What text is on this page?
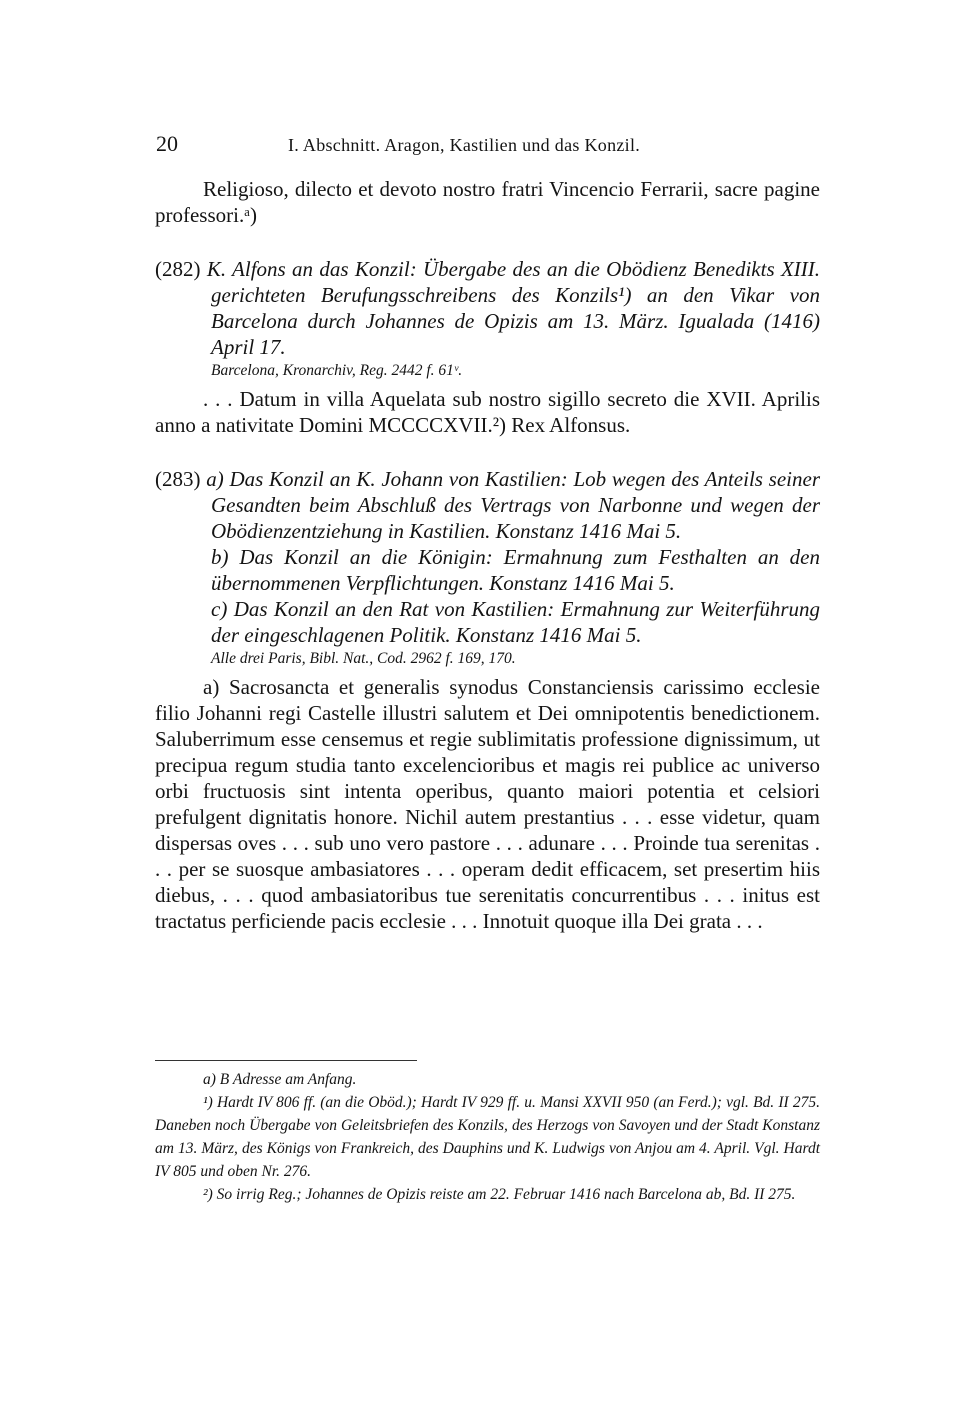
20	I. Abschnitt. Aragon, Kastilien und das Konzil.

Religioso, dilecto et devoto nostro fratri Vincencio Ferrarii, sacre pagine professori.ᵃ)

(282) K. Alfons an das Konzil: Übergabe des an die Obödienz Benedikts XIII. gerichteten Berufungsschreibens des Konzils¹) an den Vikar von Barcelona durch Johannes de Opizis am 13. März. Igualada (1416) April 17.

Barcelona, Kronarchiv, Reg. 2442 f. 61ᵛ.

. . . Datum in villa Aquelata sub nostro sigillo secreto die XVII. Aprilis anno a nativitate Domini MCCCCXVII.²) Rex Alfonsus.

(283) a) Das Konzil an K. Johann von Kastilien: Lob wegen des Anteils seiner Gesandten beim Abschluß des Vertrags von Narbonne und wegen der Obödienzentziehung in Kastilien. Konstanz 1416 Mai 5.

b) Das Konzil an die Königin: Ermahnung zum Festhalten an den übernommenen Verpflichtungen. Konstanz 1416 Mai 5.

c) Das Konzil an den Rat von Kastilien: Ermahnung zur Weiterführung der eingeschlagenen Politik. Konstanz 1416 Mai 5.

Alle drei Paris, Bibl. Nat., Cod. 2962 f. 169, 170.

a) Sacrosancta et generalis synodus Constanciensis carissimo ecclesie filio Johanni regi Castelle illustri salutem et Dei omnipotentis benedictionem. Saluberrimum esse censemus et regie sublimitatis professione dignissimum, ut precipua regum studia tanto excelencioribus et magis rei publice ac universo orbi fructuosis sint intenta operibus, quanto maiori potentia et celsiori prefulgent dignitatis honore. Nichil autem prestantius . . . esse videtur, quam dispersas oves . . . sub uno vero pastore . . . adunare . . . Proinde tua serenitas . . . per se suosque ambasiatores . . . operam dedit efficacem, set presertim hiis diebus, . . . quod ambasiatoribus tue serenitatis concurrentibus . . . initus est tractatus perficiende pacis ecclesie . . . Innotuit quoque illa Dei grata . . .

a) B Adresse am Anfang.

¹) Hardt IV 806 ff. (an die Oböd.); Hardt IV 929 ff. u. Mansi XXVII 950 (an Ferd.); vgl. Bd. II 275. Daneben noch Übergabe von Geleitsbriefen des Konzils, des Herzogs von Savoyen und der Stadt Konstanz am 13. März, des Königs von Frankreich, des Dauphins und K. Ludwigs von Anjou am 4. April. Vgl. Hardt IV 805 und oben Nr. 276.

²) So irrig Reg.; Johannes de Opizis reiste am 22. Februar 1416 nach Barcelona ab, Bd. II 275.
